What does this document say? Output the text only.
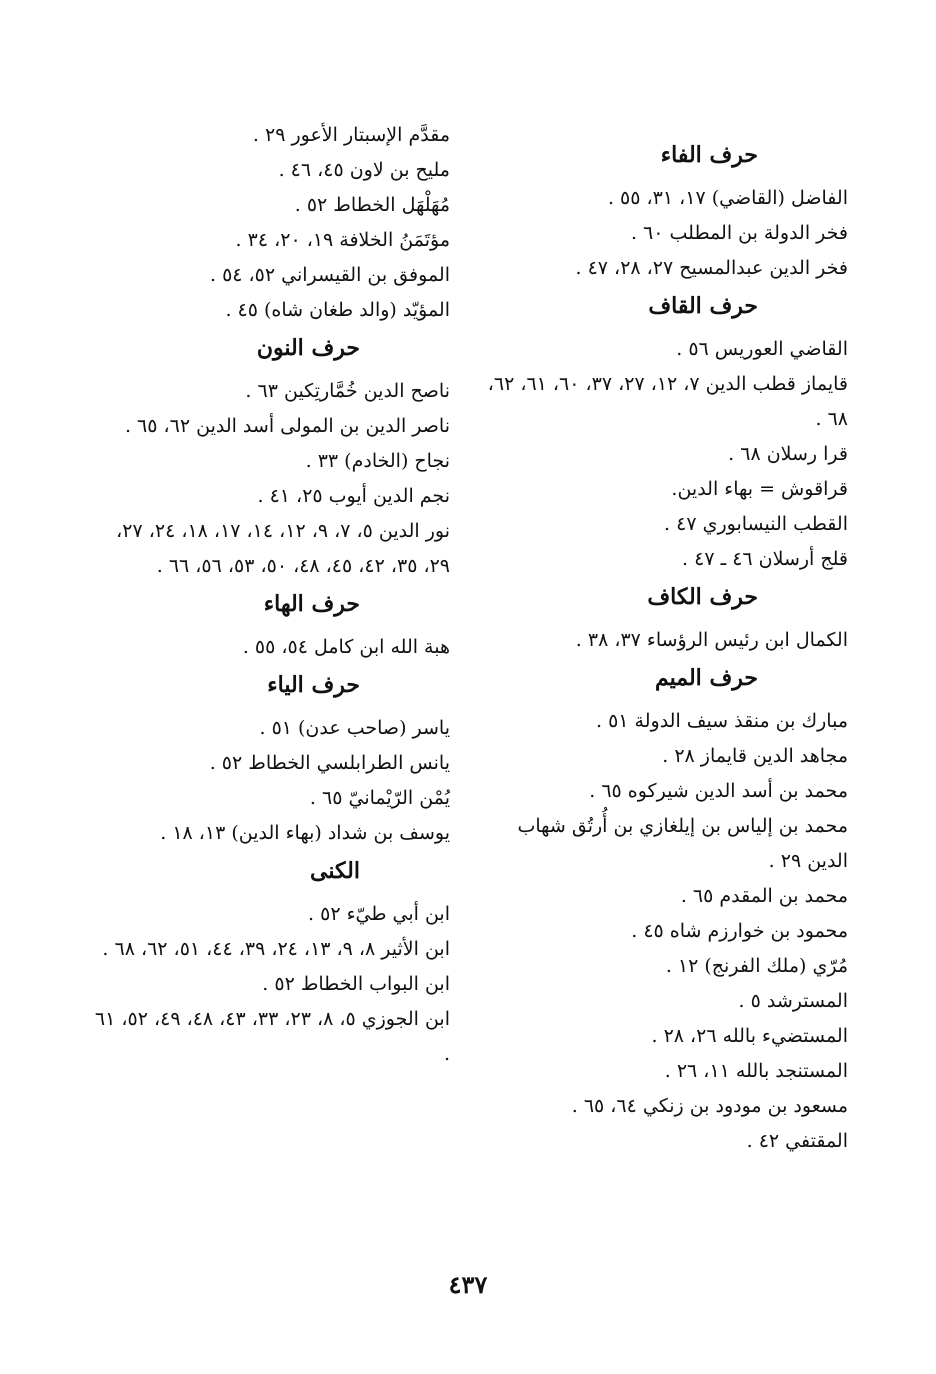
حرف الفاء
الفاضل (القاضي) ١٧، ٣١، ٥٥ .
فخر الدولة بن المطلب ٦٠ .
فخر الدين عبدالمسيح ٢٧، ٢٨، ٤٧ .
حرف القاف
القاضي العوريس ٥٦ .
قايماز قطب الدين ٧، ١٢، ٢٧، ٣٧، ٦٠، ٦١، ٦٢، ٦٨ .
قرا رسلان ٦٨ .
قراقوش = بهاء الدين.
القطب النيسابوري ٤٧ .
قلج أرسلان ٤٦ ـ ٤٧ .
حرف الكاف
الكمال ابن رئيس الرؤساء ٣٧، ٣٨ .
حرف الميم
مبارك بن منقذ سيف الدولة ٥١ .
مجاهد الدين قايماز ٢٨ .
محمد بن أسد الدين شيركوه ٦٥ .
محمد بن إلياس بن إيلغازي بن أُرتُق شهاب الدين ٢٩ .
محمد بن المقدم ٦٥ .
محمود بن خوارزم شاه ٤٥ .
مُرّي (ملك الفرنج) ١٢ .
المسترشد ٥ .
المستضيء بالله ٢٦، ٢٨ .
المستنجد بالله ١١، ٢٦ .
مسعود بن مودود بن زنكي ٦٤، ٦٥ .
المقتفي ٤٢ .
مقدَّم الإسبتار الأعور ٢٩ .
مليح بن لاون ٤٥، ٤٦ .
مُهَلْهَل الخطاط ٥٢ .
مؤتَمَنُ الخلافة ١٩، ٢٠، ٣٤ .
الموفق بن القيسراني ٥٢، ٥٤ .
المؤيّد (والد طغان شاه) ٤٥ .
حرف النون
ناصح الدين خُمَّارتِكين ٦٣ .
ناصر الدين بن المولى أسد الدين ٦٢، ٦٥ .
نجاح (الخادم) ٣٣ .
نجم الدين أيوب ٢٥، ٤١ .
نور الدين ٥، ٧، ٩، ١٢، ١٤، ١٧، ١٨، ٢٤، ٢٧، ٢٩، ٣٥، ٤٢، ٤٥، ٤٨، ٥٠، ٥٣، ٥٦، ٦٦ .
حرف الهاء
هبة الله ابن كامل ٥٤، ٥٥ .
حرف الياء
ياسر (صاحب عدن) ٥١ .
يانس الطرابلسي الخطاط ٥٢ .
يُمْن الرّيْمانيّ ٦٥ .
يوسف بن شداد (بهاء الدين) ١٣، ١٨ .
الكنى
ابن أبي طيّء ٥٢ .
ابن الأثير ٨، ٩، ١٣، ٢٤، ٣٩، ٤٤، ٥١، ٦٢، ٦٨ .
ابن البواب الخطاط ٥٢ .
ابن الجوزي ٥، ٨، ٢٣، ٣٣، ٤٣، ٤٨، ٤٩، ٥٢، ٦١ .
٤٣٧
